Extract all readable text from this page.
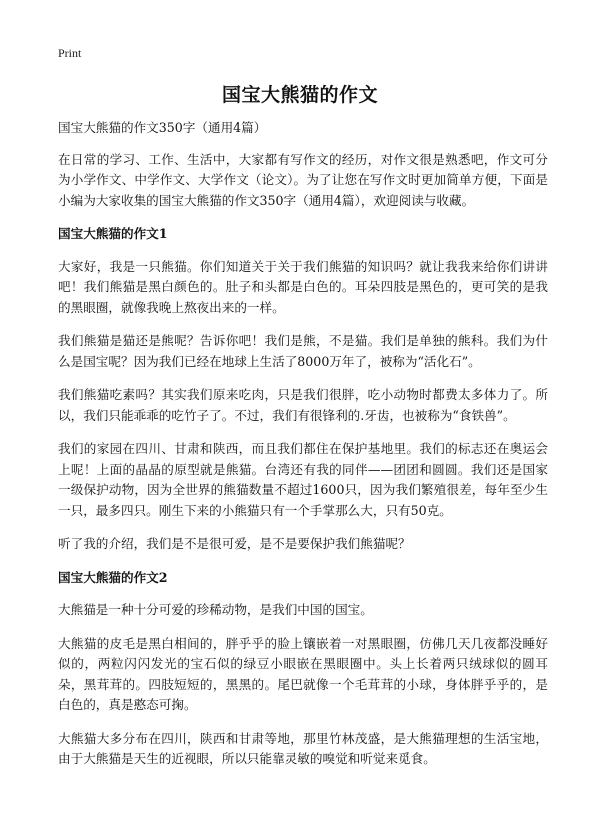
Print
国宝大熊猫的作文

国宝大熊猫的作文350字（通用4篇）

在日常的学习、工作、生活中，大家都有写作文的经历，对作文很是熟悉吧，作文可分为小学作文、中学作文、大学作文（论文）。为了让您在写作文时更加简单方便，下面是小编为大家收集的国宝大熊猫的作文350字（通用4篇），欢迎阅读与收藏。

国宝大熊猫的作文1

大家好，我是一只熊猫。你们知道关于关于我们熊猫的知识吗？就让我我来给你们讲讲吧！我们熊猫是黑白颜色的。肚子和头都是白色的。耳朵四肢是黑色的，更可笑的是我的黑眼圈，就像我晚上熬夜出来的一样。

我们熊猫是猫还是熊呢？告诉你吧！我们是熊，不是猫。我们是单独的熊科。我们为什么是国宝呢？因为我们已经在地球上生活了8000万年了，被称为“活化石”。

我们熊猫吃素吗？其实我们原来吃肉，只是我们很胖，吃小动物时都费太多体力了。所以，我们只能乖乖的吃竹子了。不过，我们有很锋利的.牙齿，也被称为“食铁兽”。

我们的家园在四川、甘肃和陕西，而且我们都住在保护基地里。我们的标志还在奥运会上呢！上面的晶晶的原型就是熊猫。台湾还有我的同伴——团团和圆圆。我们还是国家一级保护动物，因为全世界的熊猫数量不超过1600只，因为我们繁殖很差，每年至少生一只，最多四只。刚生下来的小熊猫只有一个手掌那么大，只有50克。

听了我的介绍，我们是不是很可爱，是不是要保护我们熊猫呢？

国宝大熊猫的作文2

大熊猫是一种十分可爱的珍稀动物，是我们中国的国宝。

大熊猫的皮毛是黑白相间的，胖乎乎的脸上镶嵌着一对黑眼圈，仿佛几天几夜都没睡好似的，两粒闪闪发光的宝石似的绿豆小眼嵌在黑眼圈中。头上长着两只绒球似的圆耳朵，黑茸茸的。四肢短短的，黑黑的。尾巴就像一个毛茸茸的小球，身体胖乎乎的，是白色的，真是憨态可掬。

大熊猫大多分布在四川，陕西和甘肃等地，那里竹林茂盛，是大熊猫理想的生活宝地，由于大熊猫是天生的近视眼，所以只能靠灵敏的嗅觉和听觉来觅食。
